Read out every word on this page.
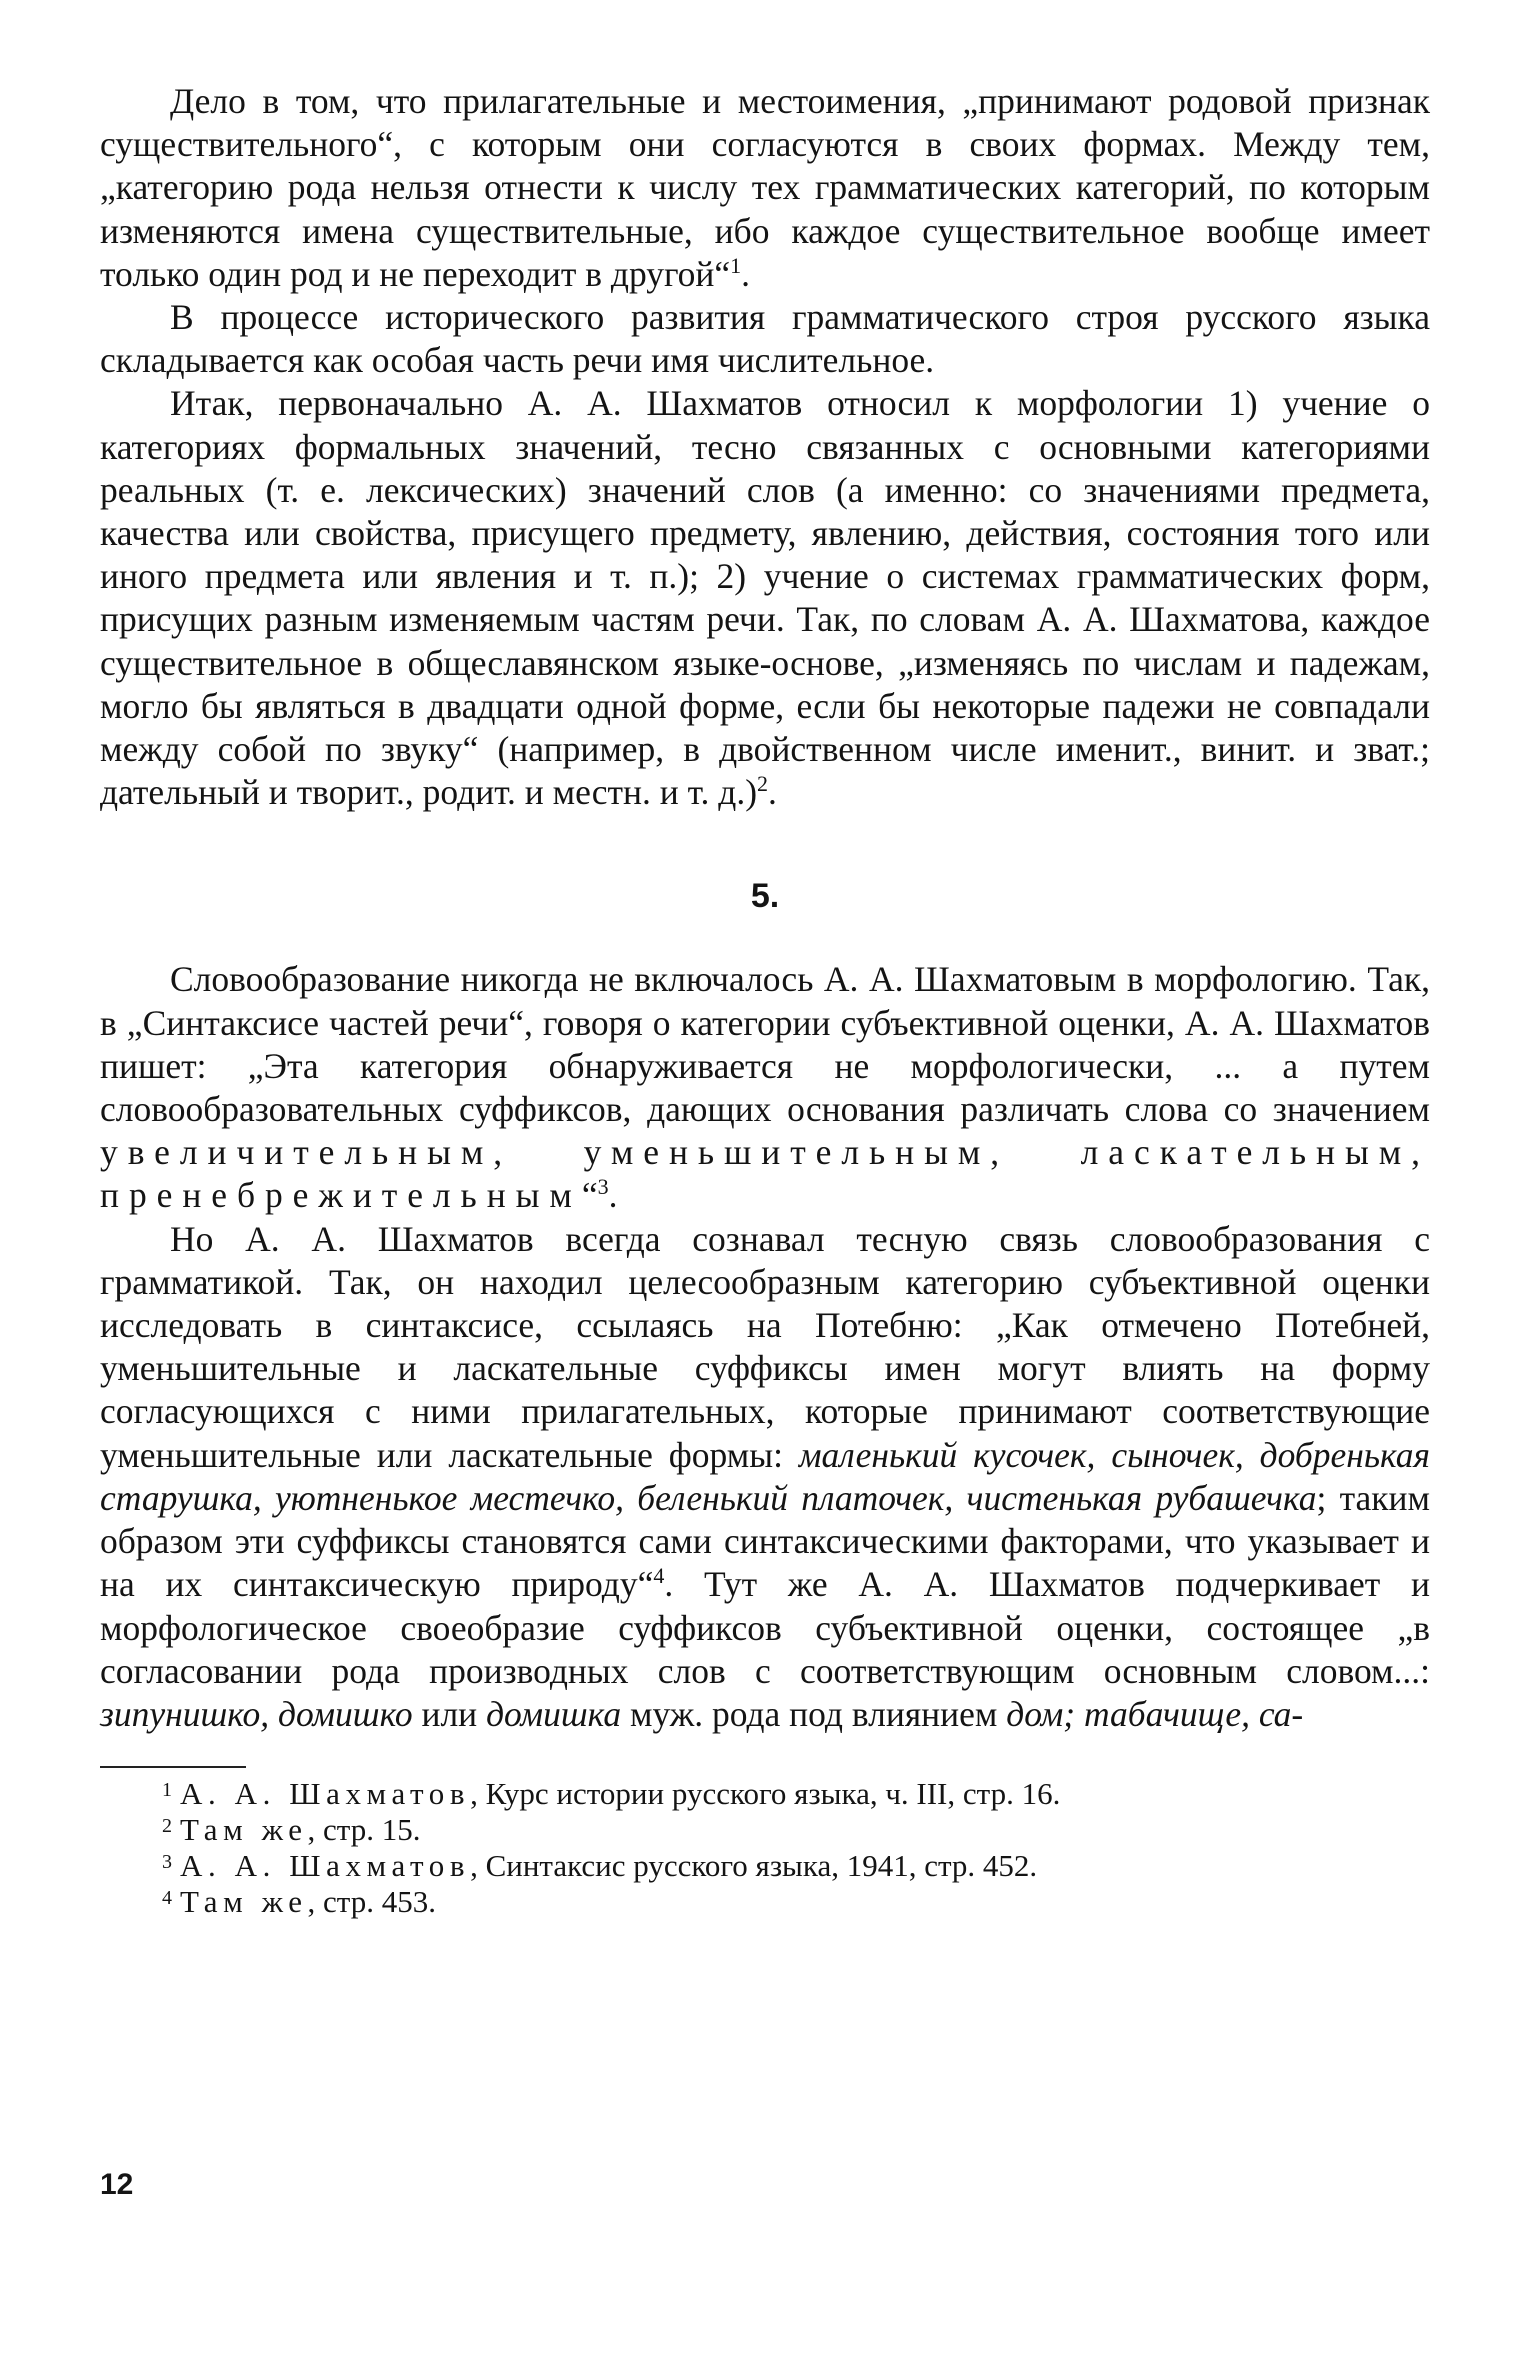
Дело в том, что прилагательные и местоимения, „принимают родовой признак существительного“, с которым они согласуются в своих формах. Между тем, „категорию рода нельзя отнести к числу тех грамматических категорий, по которым изменяются имена существительные, ибо каждое существительное вообще имеет только один род и не переходит в другой“$^1$.

В процессе исторического развития грамматического строя русского языка складывается как особая часть речи имя числительное.

Итак, первоначально А. А. Шахматов относил к морфологии 1) учение о категориях формальных значений, тесно связанных с основными категориями реальных (т. е. лексических) значений слов (а именно: со значениями предмета, качества или свойства, присущего предмету, явлению, действия, состояния того или иного предмета или явления и т. п.); 2) учение о системах грамматических форм, присущих разным изменяемым частям речи. Так, по словам А. А. Шахматова, каждое существительное в общеславянском языке-основе, „изменяясь по числам и падежам, могло бы являться в двадцати одной форме, если бы некоторые падежи не совпадали между собой по звуку“ (например, в двойственном числе именит., винит. и зват.; дательный и творит., родит. и местн. и т. д.)$^2$.

5.

Словообразование никогда не включалось А. А. Шахматовым в морфологию. Так, в „Синтаксисе частей речи“, говоря о категории субъективной оценки, А. А. Шахматов пишет: „Эта категория обнаруживается не морфологически, ... а путем словообразовательных суффиксов, дающих основания различать слова со значением увеличительным, уменьшительным, ласкательным, пренебрежительным“$^3$.

Но А. А. Шахматов всегда сознавал тесную связь словообразования с грамматикой. Так, он находил целесообразным категорию субъективной оценки исследовать в синтаксисе, ссылаясь на Потебню: „Как отмечено Потебней, уменьшительные и ласкательные суффиксы имен могут влиять на форму согласующихся с ними прилагательных, которые принимают соответствующие уменьшительные или ласкательные формы: маленький кусочек, сыночек, добренькая старушка, уютненькое местечко, беленький платочек, чистенькая рубашечка; таким образом эти суффиксы становятся сами синтаксическими факторами, что указывает и на их синтаксическую природу“$^4$. Тут же А. А. Шахматов подчеркивает и морфологическое своеобразие суффиксов субъективной оценки, состоящее „в согласовании рода производных слов с соответствующим основным словом...: зипунишко, домишко или домишка муж. рода под влиянием дом; табачище, са-

1 А. А. Шахматов, Курс истории русского языка, ч. III, стр. 16.
2 Там же, стр. 15.
3 А. А. Шахматов, Синтаксис русского языка, 1941, стр. 452.
4 Там же, стр. 453.
12
